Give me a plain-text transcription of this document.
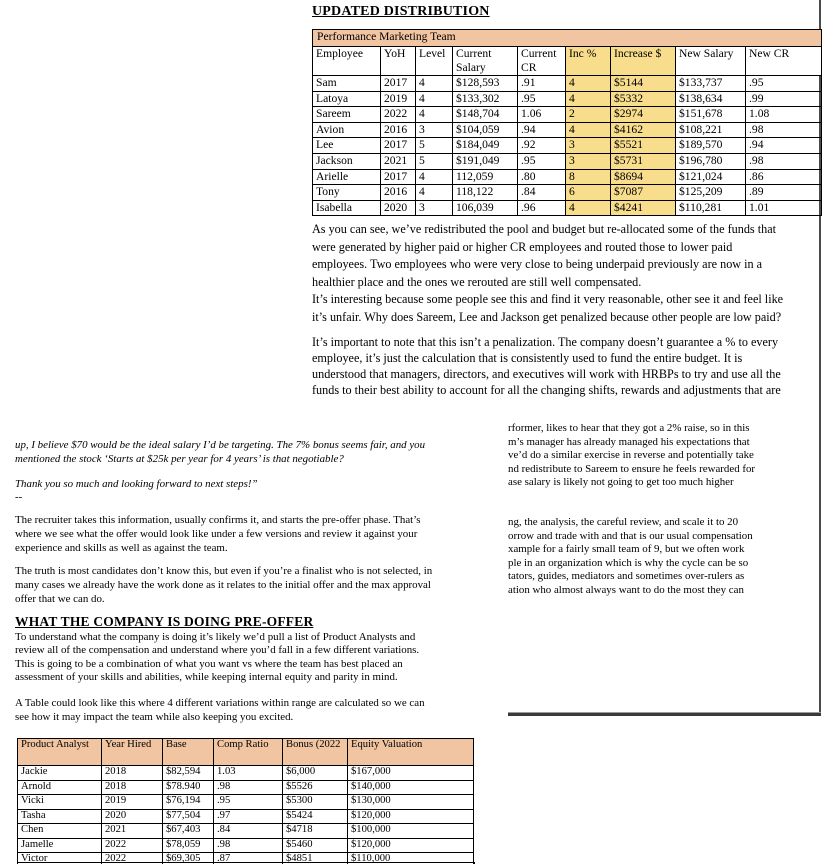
UPDATED DISTRIBUTION
Performance Marketing Team								
Employee	YoH	Level	Current Salary	Current CR	Inc %	Increase $	New Salary	New CR
Sam	2017	4	$128,593	.91	4	$5144	$133,737	.95
Latoya	2019	4	$133,302	.95	4	$5332	$138,634	.99
Sareem	2022	4	$148,704	1.06	2	$2974	$151,678	1.08
Avion	2016	3	$104,059	.94	4	$4162	$108,221	.98
Lee	2017	5	$184,049	.92	3	$5521	$189,570	.94
Jackson	2021	5	$191,049	.95	3	$5731	$196,780	.98
Arielle	2017	4	112,059	.80	8	$8694	$121,024	.86
Tony	2016	4	118,122	.84	6	$7087	$125,209	.89
Isabella	2020	3	106,039	.96	4	$4241	$110,281	1.01
As you can see, we’ve redistributed the pool and budget but re-allocated some of the funds that
were generated by higher paid or higher CR employees and routed those to lower paid
employees. Two employees who were very close to being underpaid previously are now in a
healthier place and the ones we rerouted are still well compensated.
It’s interesting because some people see this and find it very reasonable, other see it and feel like
it’s unfair. Why does Sareem, Lee and Jackson get penalized because other people are low paid?
It’s important to note that this isn’t a penalization. The company doesn’t guarantee a % to every
employee, it’s just the calculation that is consistently used to fund the entire budget. It is
understood that managers, directors, and executives will work with HRBPs to try and use all the
funds to their best ability to account for all the changing shifts, rewards and adjustments that are
rformer, likes to hear that they got a 2% raise, so in this
m’s manager has already managed his expectations that
ve’d do a similar exercise in reverse and potentially take
nd redistribute to Sareem to ensure he feels rewarded for
ase salary is likely not going to get too much higher
ng, the analysis, the careful review, and scale it to 20
orrow and trade with and that is our usual compensation
xample for a fairly small team of 9, but we often work
ple in an organization which is why the cycle can be so
tators, guides, mediators and sometimes over-rulers as
ation who almost always want to do the most they can
up, I believe $70 would be the ideal salary I’d be targeting. The 7% bonus seems fair, and you
mentioned the stock ‘Starts at $25k per year for 4 years’ is that negotiable?
Thank you so much and looking forward to next steps!”
--
The recruiter takes this information, usually confirms it, and starts the pre-offer phase. That’s
where we see what the offer would look like under a few versions and review it against your
experience and skills as well as against the team.
The truth is most candidates don’t know this, but even if you’re a finalist who is not selected, in
many cases we already have the work done as it relates to the initial offer and the max approval
offer that we can do.
WHAT THE COMPANY IS DOING PRE-OFFER
To understand what the company is doing it’s likely we’d pull a list of Product Analysts and
review all of the compensation and understand where you’d fall in a few different variations.
This is going to be a combination of what you want vs where the team has best placed an
assessment of your skills and abilities, while keeping internal equity and parity in mind.
A Table could look like this where 4 different variations within range are calculated so we can
see how it may impact the team while also keeping you excited.
Product Analyst	Year Hired	Base	Comp Ratio	Bonus (2022	Equity Valuation
Jackie	2018	$82,594	1.03	$6,000	$167,000
Arnold	2018	$78.940	.98	$5526	$140,000
Vicki	2019	$76,194	.95	$5300	$130,000
Tasha	2020	$77,504	.97	$5424	$120,000
Chen	2021	$67,403	.84	$4718	$100,000
Jamelle	2022	$78,059	.98	$5460	$120,000
Victor	2022	$69,305	.87	$4851	$110,000
